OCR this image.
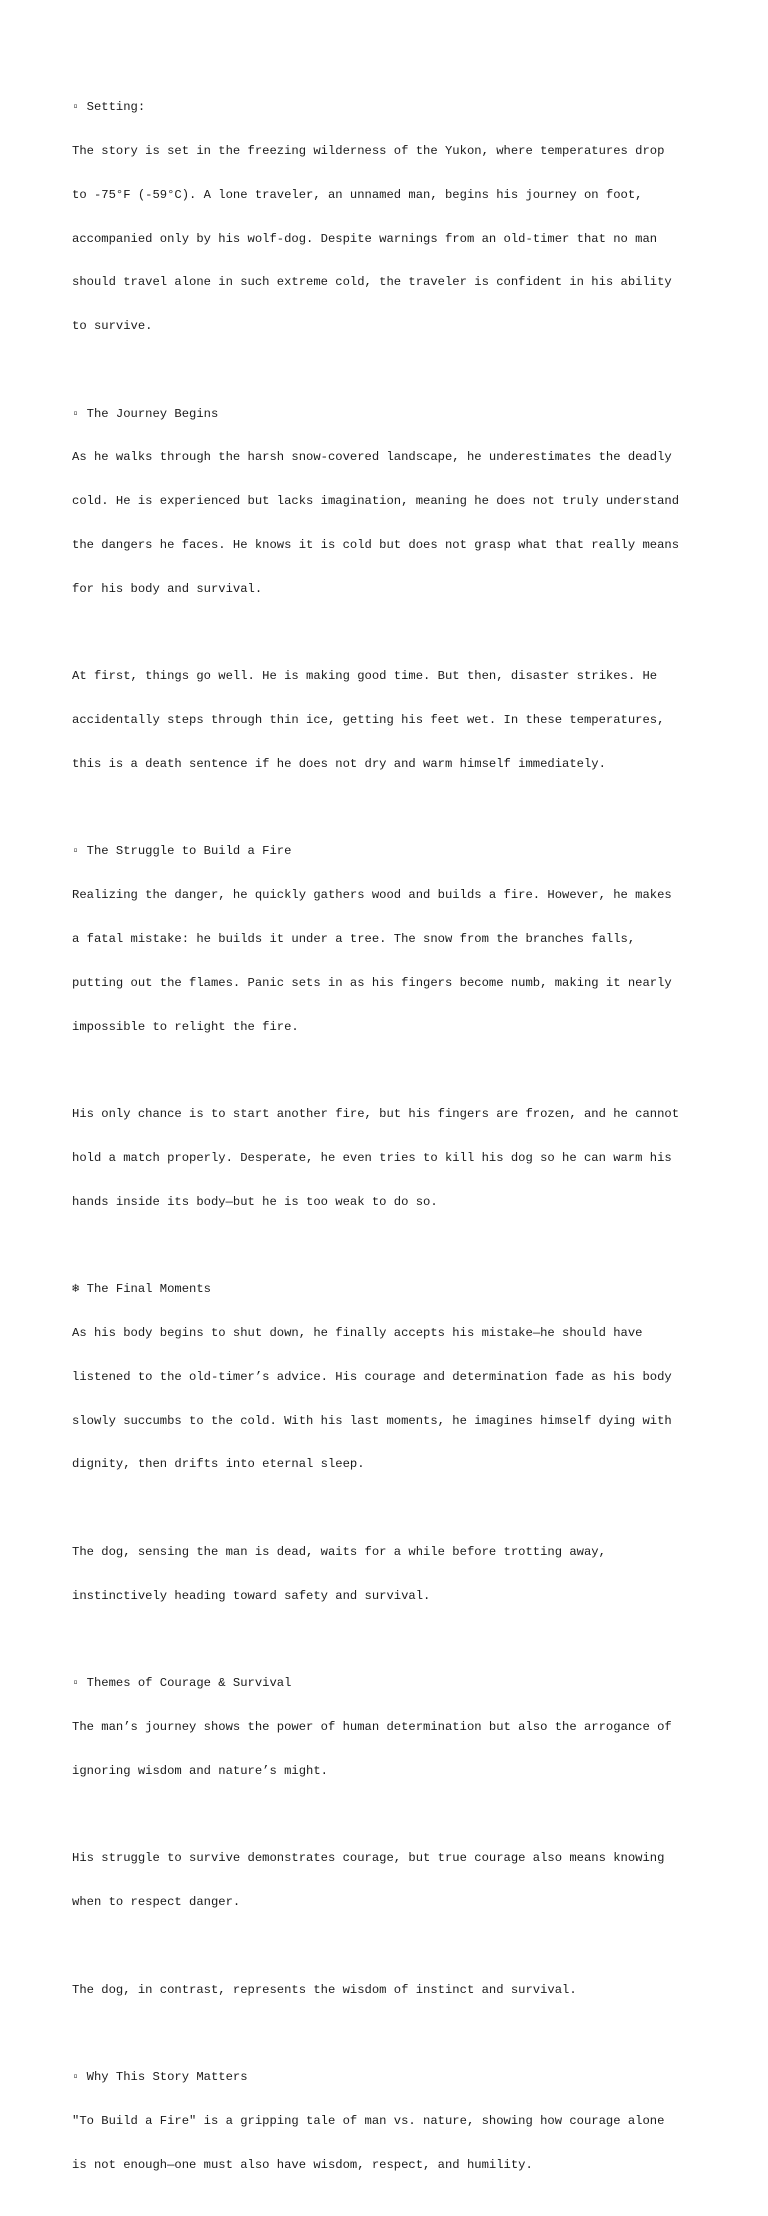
▫ Setting:

The story is set in the freezing wilderness of the Yukon, where temperatures drop

to -75°F (-59°C). A lone traveler, an unnamed man, begins his journey on foot,

accompanied only by his wolf-dog. Despite warnings from an old-timer that no man

should travel alone in such extreme cold, the traveler is confident in his ability

to survive.

▫ The Journey Begins

As he walks through the harsh snow-covered landscape, he underestimates the deadly

cold. He is experienced but lacks imagination, meaning he does not truly understand

the dangers he faces. He knows it is cold but does not grasp what that really means

for his body and survival.

At first, things go well. He is making good time. But then, disaster strikes. He

accidentally steps through thin ice, getting his feet wet. In these temperatures,

this is a death sentence if he does not dry and warm himself immediately.

▫ The Struggle to Build a Fire

Realizing the danger, he quickly gathers wood and builds a fire. However, he makes

a fatal mistake: he builds it under a tree. The snow from the branches falls,

putting out the flames. Panic sets in as his fingers become numb, making it nearly

impossible to relight the fire.

His only chance is to start another fire, but his fingers are frozen, and he cannot

hold a match properly. Desperate, he even tries to kill his dog so he can warm his

hands inside its body—but he is too weak to do so.

❄ The Final Moments

As his body begins to shut down, he finally accepts his mistake—he should have

listened to the old-timer’s advice. His courage and determination fade as his body

slowly succumbs to the cold. With his last moments, he imagines himself dying with

dignity, then drifts into eternal sleep.

The dog, sensing the man is dead, waits for a while before trotting away,

instinctively heading toward safety and survival.

▫ Themes of Courage & Survival

The man’s journey shows the power of human determination but also the arrogance of

ignoring wisdom and nature’s might.

His struggle to survive demonstrates courage, but true courage also means knowing

when to respect danger.

The dog, in contrast, represents the wisdom of instinct and survival.

▫ Why This Story Matters

"To Build a Fire" is a gripping tale of man vs. nature, showing how courage alone

is not enough—one must also have wisdom, respect, and humility.
